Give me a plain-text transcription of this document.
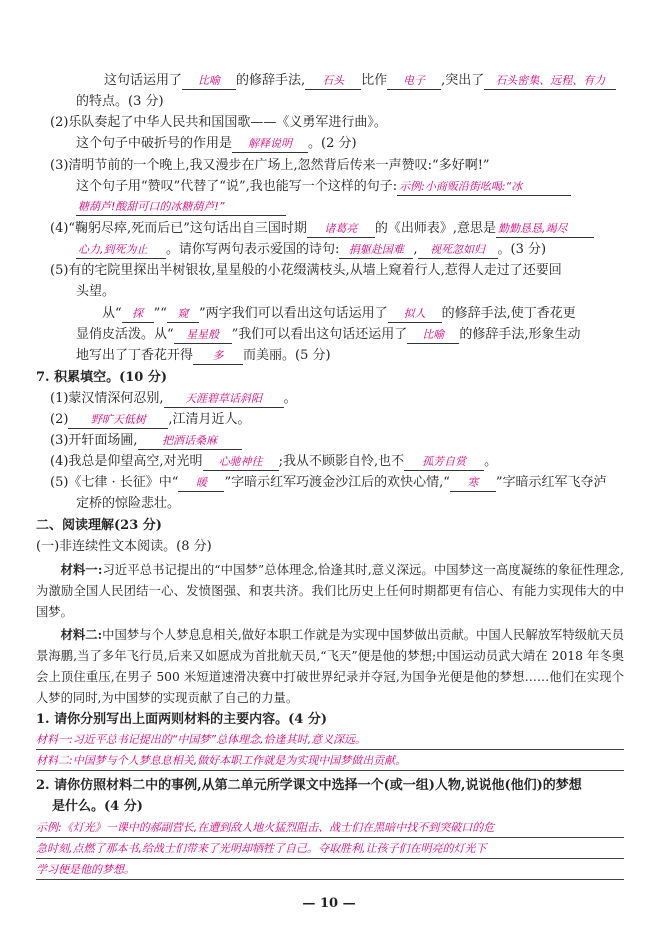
这句话运用了 比喻 的修辞手法, 石头 比作 电子 ,突出了 石头密集、远程、有力
的特点。(3 分)
(2)乐队奏起了中华人民共和国国歌——《义勇军进行曲》。
这个句子中破折号的作用是 解释说明 。(2 分)
(3)清明节前的一个晚上,我又漫步在广场上,忽然背后传来一声赞叹:“多好啊!”
这个句子用“赞叹”代替了“说”,我也能写一个这样的句子: 示例:小商贩沿街吆喝:“冰
糖葫芦!酸甜可口的冰糖葫芦!”
(4)“鞠躬尽瘁,死而后已”这句话出自三国时期 诸葛亮 的《出师表》,意思是 勤勤恳恳,竭尽
心力,到死为止 。请你写两句表示爱国的诗句: 捐躯赴国难 , 视死忽如归 。(3 分)
(5)有的宅院里探出半树银妆,星星般的小花缀满枝头,从墙上窥着行人,惹得人走过了还要回
头望。
从“ 探 ”“ 窥 ”两字我们可以看出这句话运用了 拟人 的修辞手法,使丁香花更
显俏皮活泼。从“ 星星般 ”我们可以看出这句话还运用了 比喻 的修辞手法,形象生动
地写出了丁香花开得 多 而美丽。(5 分)
7. 积累填空。(10 分)
(1)蒙汉情深何忍别, 天涯碧草话斜阳 。
(2) 野旷天低树 ,江清月近人。
(3)开轩面场圃, 把酒话桑麻
(4)我总是仰望高空,对光明 心驰神往 ;我从不顾影自怜,也不 孤芳自赏 。
(5)《七律 · 长征》中“ 暖 ”字暗示红军巧渡金沙江后的欢快心情,“ 寒 ”字暗示红军飞夺泸
定桥的惊险悲壮。
二、阅读理解(23 分)
(一)非连续性文本阅读。(8 分)
材料一:习近平总书记提出的“中国梦”总体理念,恰逢其时,意义深远。中国梦这一高度凝练的象征性理念,为激励全国人民团结一心、发愤图强、和衷共济。我们比历史上任何时期都更有信心、有能力实现伟大的中国梦。
材料二:中国梦与个人梦息息相关,做好本职工作就是为实现中国梦做出贡献。中国人民解放军特级航天员景海鹏,当了多年飞行员,后来又如愿成为首批航天员,“飞天”便是他的梦想;中国运动员武大靖在 2018 年冬奥会上顶住重压,在男子 500 米短道速滑决赛中打破世界纪录并夺冠,为国争光便是他的梦想……他们在实现个人梦的同时,为中国梦的实现贡献了自己的力量。
1. 请你分别写出上面两则材料的主要内容。(4 分)
材料一:习近平总书记提出的“中国梦”总体理念,恰逢其时,意义深远。
材料二:中国梦与个人梦息息相关,做好本职工作就是为实现中国梦做出贡献。
2. 请你仿照材料二中的事例,从第二单元所学课文中选择一个(或一组)人物,说说他(他们)的梦想
是什么。(4 分)
示例:《灯光》一课中的郝副营长,在遭到敌人地火猛烈阻击、战士们在黑暗中找不到突破口的危
急时刻,点燃了那本书,给战士们带来了光明却牺牲了自己。夺取胜利,让孩子们在明亮的灯光下
学习便是他的梦想。
— 10 —
